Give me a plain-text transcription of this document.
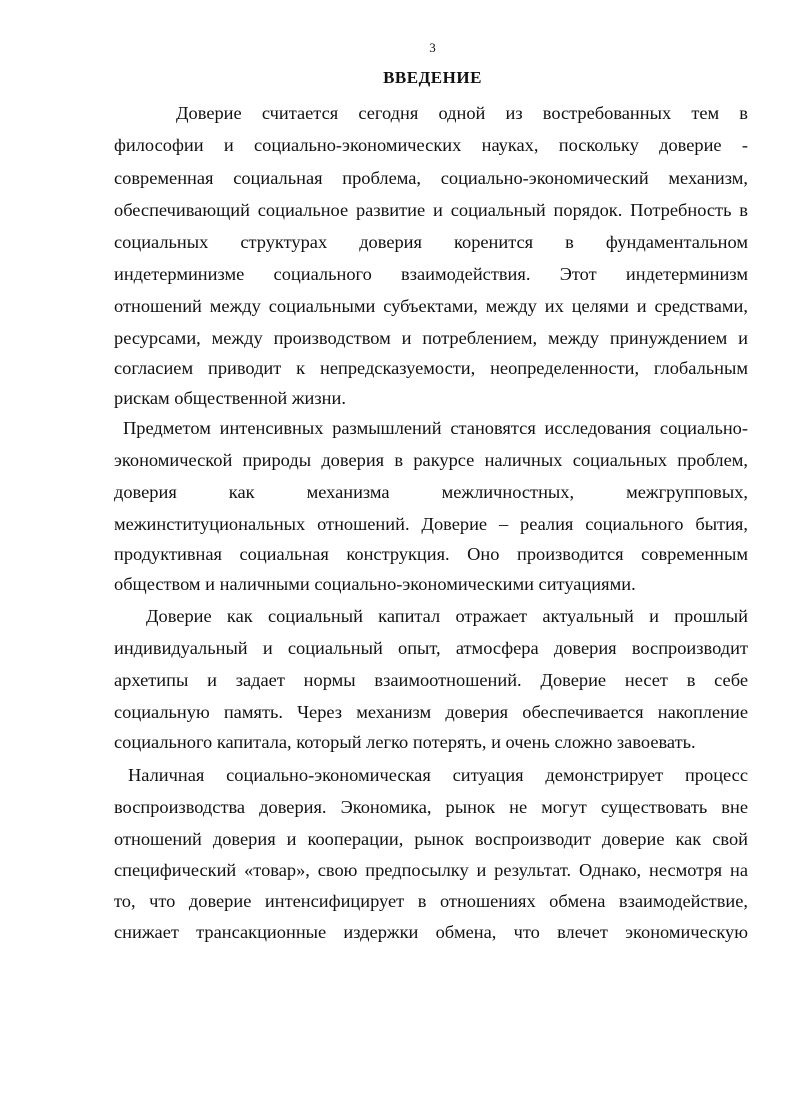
3
ВВЕДЕНИЕ
Доверие считается сегодня одной из востребованных тем в
философии и социально-экономических науках, поскольку доверие -
современная социальная проблема, социально-экономический механизм,
обеспечивающий социальное развитие и социальный порядок. Потребность в
социальных структурах доверия коренится в фундаментальном
индетерминизме социального взаимодействия. Этот индетерминизм
отношений между социальными субъектами, между их целями и средствами,
ресурсами, между производством и потреблением, между принуждением и
согласием приводит к непредсказуемости, неопределенности, глобальным
рискам общественной жизни.
Предметом интенсивных размышлений становятся исследования социально-
экономической природы доверия в ракурсе наличных социальных проблем,
доверия как механизма межличностных, межгрупповых,
межинституциональных отношений. Доверие – реалия социального бытия,
продуктивная социальная конструкция. Оно производится современным
обществом и наличными социально-экономическими ситуациями.
Доверие как социальный капитал отражает актуальный и прошлый
индивидуальный и социальный опыт, атмосфера доверия воспроизводит
архетипы и задает нормы взаимоотношений. Доверие несет в себе
социальную память. Через механизм доверия обеспечивается накопление
социального капитала, который легко потерять, и очень сложно завоевать.
Наличная социально-экономическая ситуация демонстрирует процесс
воспроизводства доверия. Экономика, рынок не могут существовать вне
отношений доверия и кооперации, рынок воспроизводит доверие как свой
специфический «товар», свою предпосылку и результат. Однако, несмотря на
то, что доверие интенсифицирует в отношениях обмена взаимодействие,
снижает трансакционные издержки обмена, что влечет экономическую
